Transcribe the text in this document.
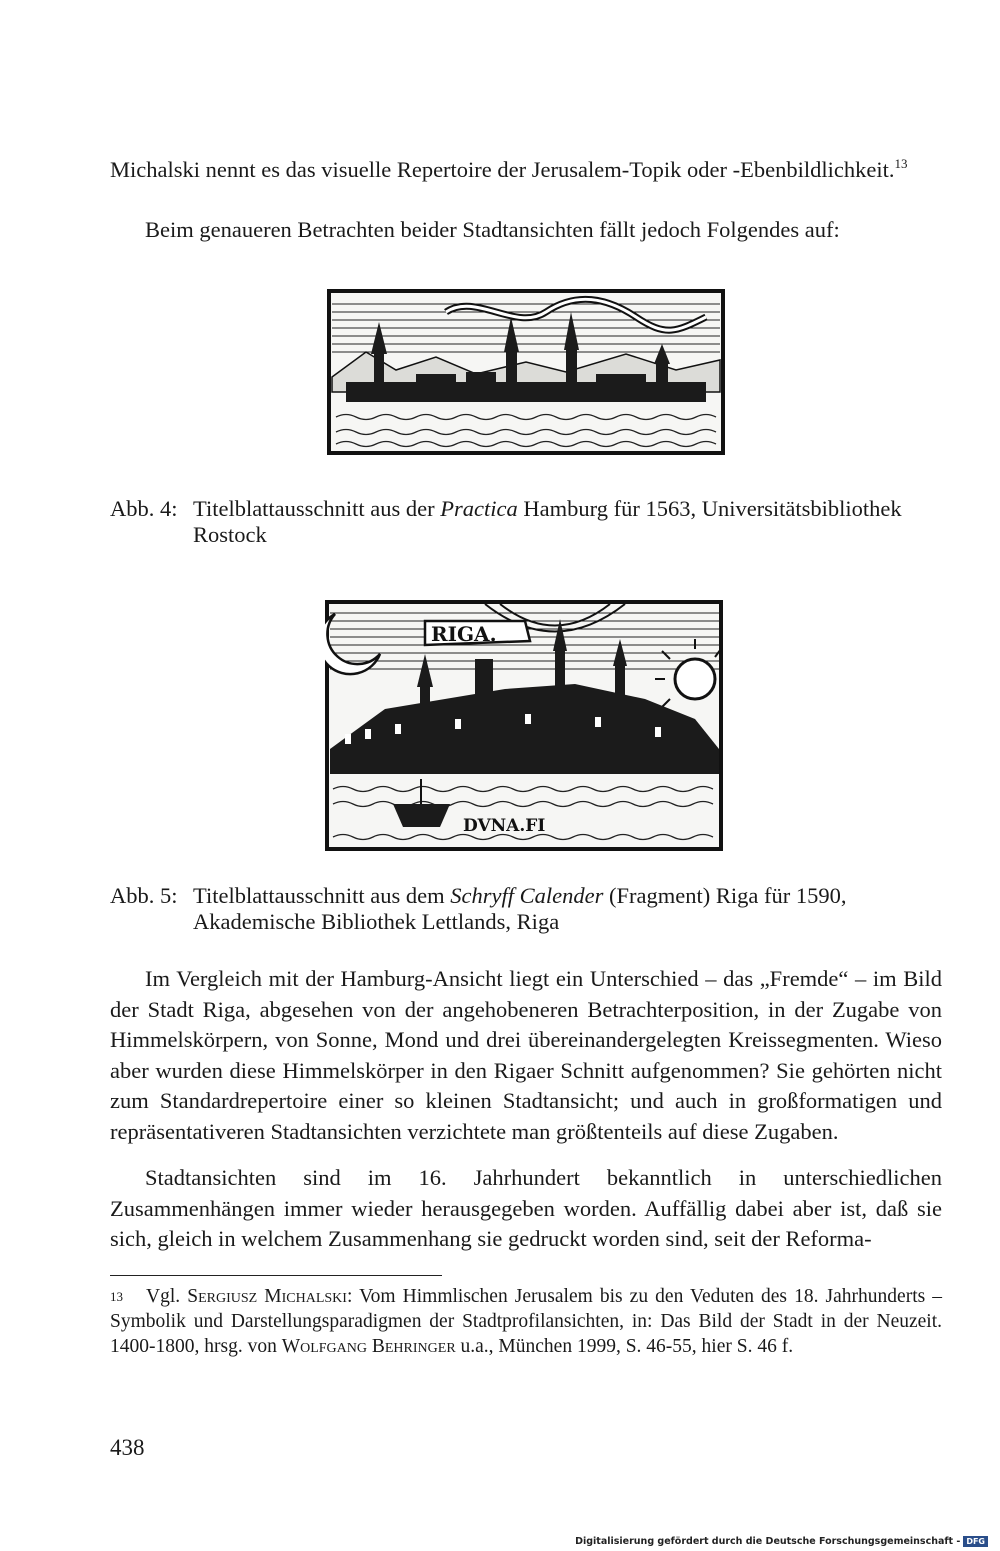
Michalski nennt es das visuelle Repertoire der Jerusalem-Topik oder -Ebenbildlichkeit.$^{13}$

Beim genaueren Betrachten beider Stadtansichten fällt jedoch Folgendes auf:

Abb. 4: Titelblattausschnitt aus der Practica Hamburg für 1563, Universitätsbibliothek Rostock
RIGA.
DVNA.FI
Abb. 5: Titelblattausschnitt aus dem Schryff Calender (Fragment) Riga für 1590, Akademische Bibliothek Lettlands, Riga

Im Vergleich mit der Hamburg-Ansicht liegt ein Unterschied – das „Fremde“ – im Bild der Stadt Riga, abgesehen von der angehobeneren Betrachterposition, in der Zugabe von Himmelskörpern, von Sonne, Mond und drei übereinandergelegten Kreissegmenten. Wieso aber wurden diese Himmelskörper in den Rigaer Schnitt aufgenommen? Sie gehörten nicht zum Standardrepertoire einer so kleinen Stadtansicht; und auch in großformatigen und repräsentativeren Stadtansichten verzichtete man größtenteils auf diese Zugaben.

Stadtansichten sind im 16. Jahrhundert bekanntlich in unterschiedlichen Zusammenhängen immer wieder herausgegeben worden. Auffällig dabei aber ist, daß sie sich, gleich in welchem Zusammenhang sie gedruckt worden sind, seit der Reforma-

13	Vgl. Sergiusz Michalski: Vom Himmlischen Jerusalem bis zu den Veduten des 18. Jahrhunderts – Symbolik und Darstellungsparadigmen der Stadtprofilansichten, in: Das Bild der Stadt in der Neuzeit. 1400-1800, hrsg. von Wolfgang Behringer u.a., München 1999, S. 46-55, hier S. 46 f.
438
Digitalisierung gefördert durch die Deutsche Forschungsgemeinschaft - DFG
